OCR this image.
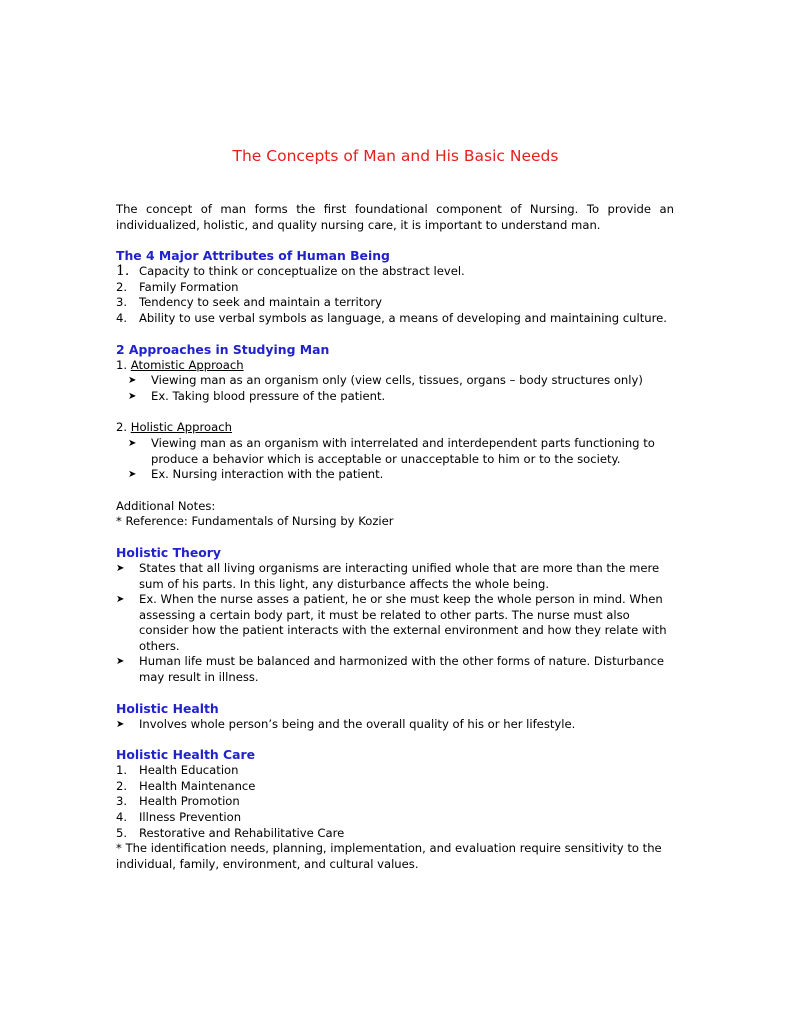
The Concepts of Man and His Basic Needs

The concept of man forms the first foundational component of Nursing. To provide an individualized, holistic, and quality nursing care, it is important to understand man.

The 4 Major Attributes of Human Being
1. Capacity to think or conceptualize on the abstract level.
2.	Family Formation
3.	Tendency to seek and maintain a territory
4.	Ability to use verbal symbols as language, a means of developing and maintaining culture.
2 Approaches in Studying Man

1. Atomistic Approach

➤	Viewing man as an organism only (view cells, tissues, organs – body structures only)
➤	Ex. Taking blood pressure of the patient.

2. Holistic Approach

➤	Viewing man as an organism with interrelated and interdependent parts functioning to produce a behavior which is acceptable or unacceptable to him or to the society.
➤	Ex. Nursing interaction with the patient.

Additional Notes:

* Reference: Fundamentals of Nursing by Kozier

Holistic Theory
➤	States that all living organisms are interacting unified whole that are more than the mere sum of his parts. In this light, any disturbance affects the whole being.
➤	Ex. When the nurse asses a patient, he or she must keep the whole person in mind. When assessing a certain body part, it must be related to other parts. The nurse must also consider how the patient interacts with the external environment and how they relate with others.
➤	Human life must be balanced and harmonized with the other forms of nature. Disturbance may result in illness.
Holistic Health
➤	Involves whole person’s being and the overall quality of his or her lifestyle.
Holistic Health Care
1.	Health Education
2.	Health Maintenance
3.	Health Promotion
4.	Illness Prevention
5.	Restorative and Rehabilitative Care

* The identification needs, planning, implementation, and evaluation require sensitivity to the individual, family, environment, and cultural values.
